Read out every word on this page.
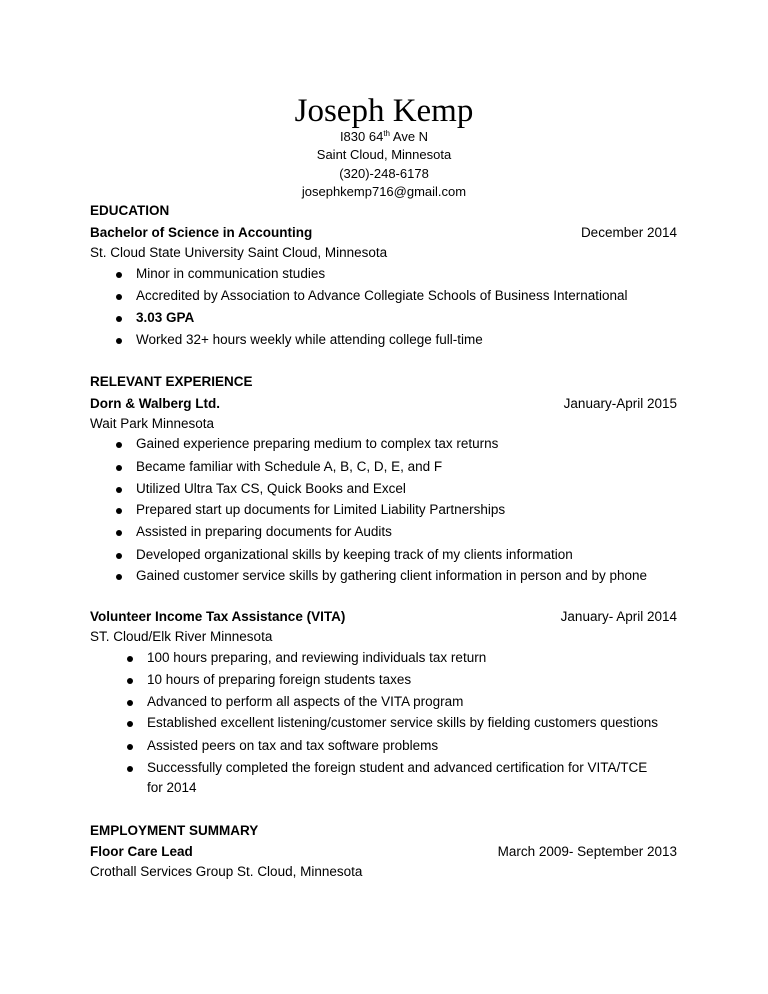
Joseph Kemp
I830 64th Ave N
Saint Cloud, Minnesota
(320)-248-6178
josephkemp716@gmail.com
EDUCATION
Bachelor of Science in Accounting	December 2014
St. Cloud State University Saint Cloud, Minnesota
Minor in communication studies
Accredited by Association to Advance Collegiate Schools of Business International
3.03 GPA
Worked 32+ hours weekly while attending college full-time
RELEVANT EXPERIENCE
Dorn & Walberg Ltd.	January-April 2015
Wait Park Minnesota
Gained experience preparing medium to complex tax returns
Became familiar with Schedule A, B, C, D, E, and F
Utilized Ultra Tax CS, Quick Books and Excel
Prepared start up documents for Limited Liability Partnerships
Assisted in preparing documents for Audits
Developed organizational skills by keeping track of my clients information
Gained customer service skills by gathering client information in person and by phone
Volunteer Income Tax Assistance (VITA)	January- April 2014
ST. Cloud/Elk River Minnesota
100 hours preparing, and reviewing individuals tax return
10 hours of preparing foreign students taxes
Advanced to perform all aspects of the VITA program
Established excellent listening/customer service skills by fielding customers questions
Assisted peers on tax and tax software problems
Successfully completed the foreign student and advanced certification for VITA/TCE
for 2014
EMPLOYMENT SUMMARY
Floor Care Lead	March 2009- September 2013
Crothall Services Group St. Cloud, Minnesota
